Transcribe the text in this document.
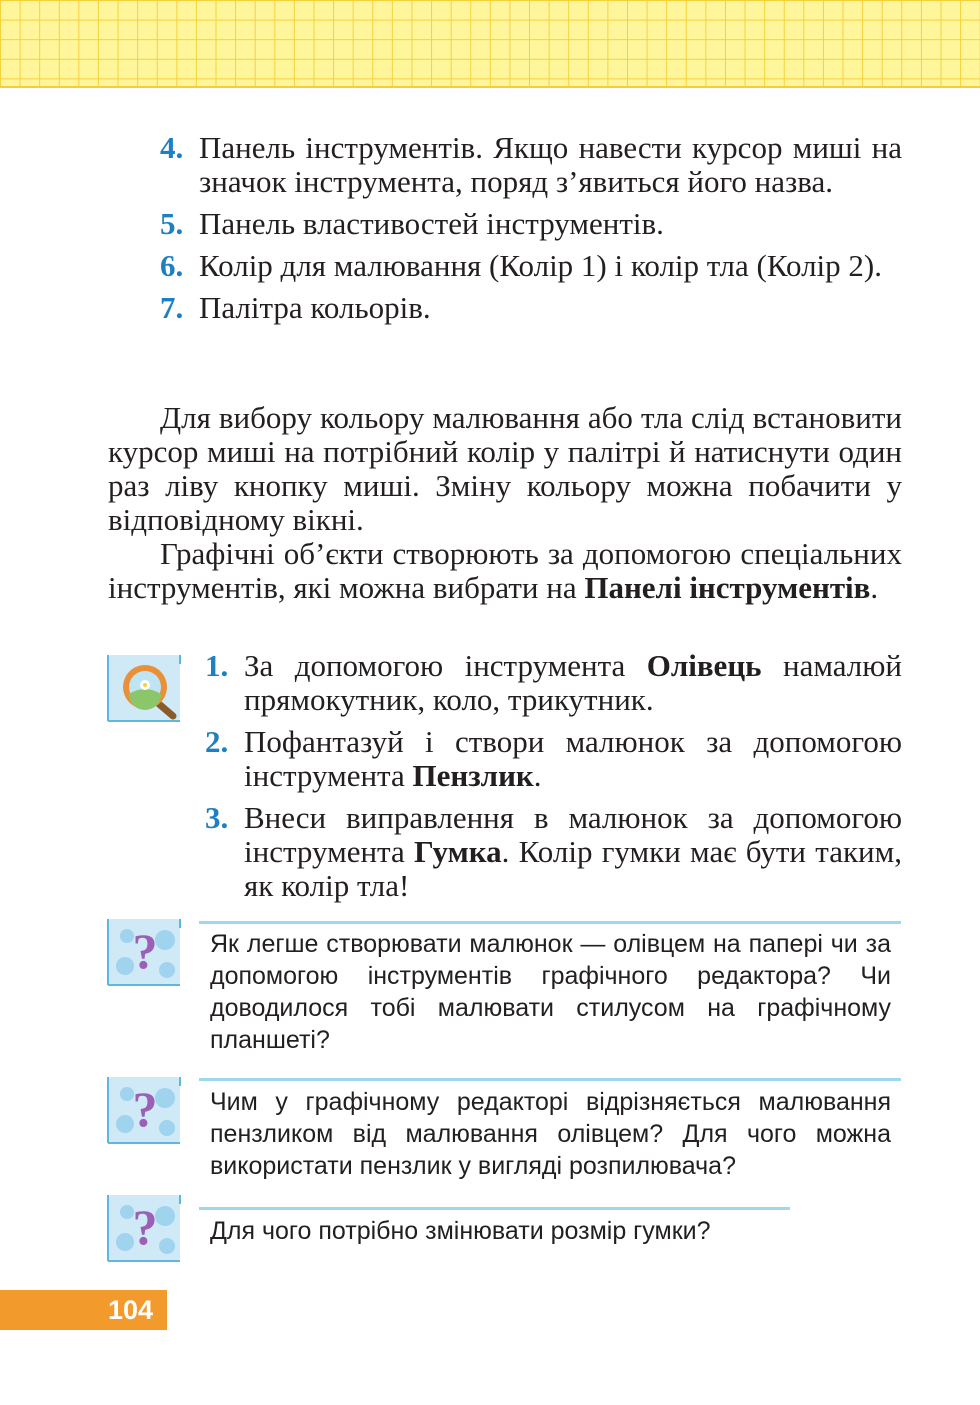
4. Панель інструментів. Якщо навести курсор миші на значок інструмента, поряд з’явиться його назва.
5. Панель властивостей інструментів.
6. Колір для малювання (Колір 1) і колір тла (Колір 2).
7. Палітра кольорів.

Для вибору кольору малювання або тла слід встановити курсор миші на потрібний колір у палітрі й натиснути один раз ліву кнопку миші. Зміну кольору можна побачити у відповідному вікні.

Графічні об’єкти створюють за допомогою спеціальних інструментів, які можна вибрати на Панелі інструментів.

1. За допомогою інструмента Олівець намалюй прямокутник, коло, трикутник.
2. Пофантазуй і створи малюнок за допомогою інструмента Пензлик.
3. Внеси виправлення в малюнок за допомогою інструмента Гумка. Колір гумки має бути таким, як колір тла!
? Як легше створювати малюнок — олівцем на папері чи за допомогою інструментів графічного редактора? Чи доводилося тобі малювати стилусом на графічному планшеті?

? Чим у графічному редакторі відрізняється малювання пензликом від малювання олівцем? Для чого можна використати пензлик у вигляді розпилювача?

? Для чого потрібно змінювати розмір гумки?

104
